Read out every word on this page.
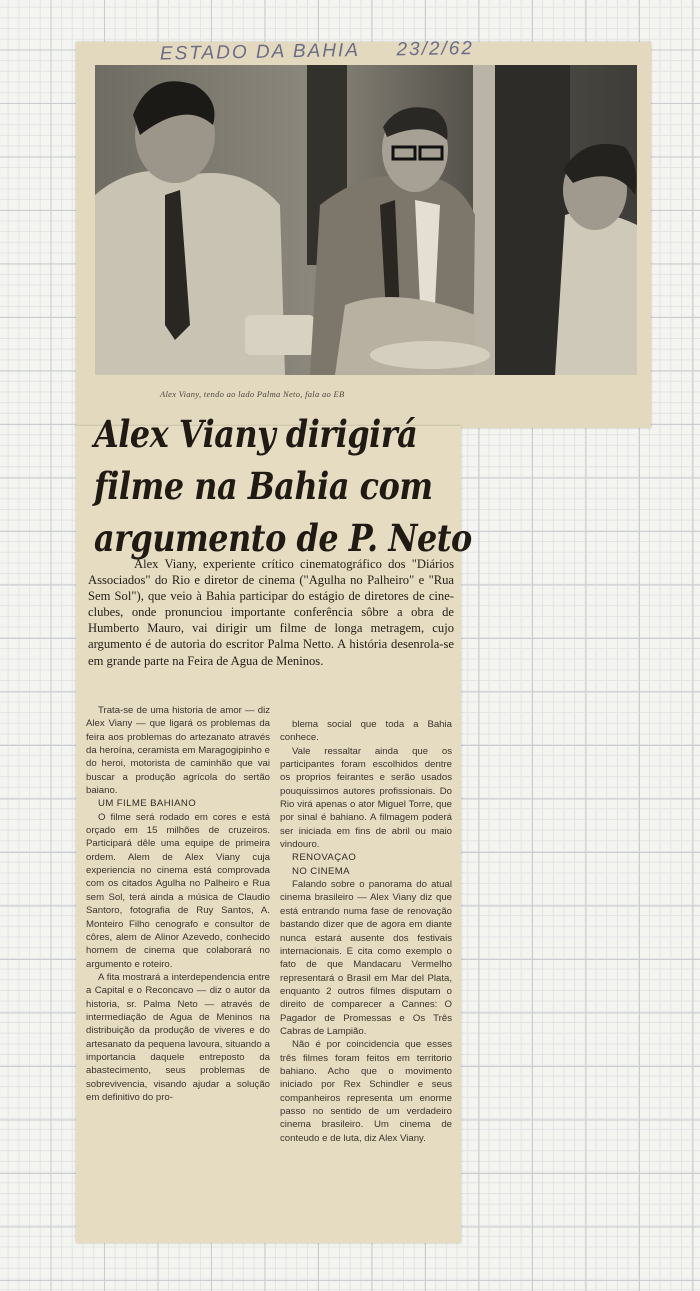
ESTADO DA BAHIA 23/2/62
Alex Viany, tendo ao lado Palma Neto, fala ao EB
Alex Viany dirigirá
filme na Bahia com
argumento de P. Neto

Alex Viany, experiente crítico cinematográfico dos "Diários Associados" do Rio e diretor de cinema ("Agulha no Palheiro" e "Rua Sem Sol"), que veio à Bahia participar do estágio de diretores de cine-clubes, onde pronunciou importante conferência sôbre a obra de Humberto Mauro, vai dirigir um filme de longa metragem, cujo argumento é de autoria do escritor Palma Netto. A história desenrola-se em grande parte na Feira de Agua de Meninos.

Trata-se de uma historia de amor — diz Alex Viany — que ligará os problemas da feira aos problemas do artezanato através da heroína, ceramista em Maragogipinho e do heroi, motorista de caminhão que vai buscar a produção agrícola do sertão baiano.

UM FILME BAHIANO

O filme será rodado em cores e está orçado em 15 milhões de cruzeiros. Participará dêle uma equipe de primeira ordem. Alem de Alex Viany cuja experiencia no cinema está comprovada com os citados Agulha no Palheiro e Rua sem Sol, terá ainda a música de Claudio Santoro, fotografia de Ruy Santos, A. Monteiro Filho cenografo e consultor de côres, alem de Alinor Azevedo, conhecido homem de cinema que colaborará no argumento e roteiro.

A fita mostrará a interdependencia entre a Capital e o Reconcavo — diz o autor da historia, sr. Palma Neto — através de intermediação de Agua de Meninos na distribuição da produção de viveres e do artesanato da pequena lavoura, situando a importancia daquele entreposto da abastecimento, seus problemas de sobrevivencia, visando ajudar a solução em definitivo do pro-

blema social que toda a Bahia conhece.

Vale ressaltar ainda que os participantes foram escolhidos dentre os proprios feirantes e serão usados pouquissimos autores profissionais. Do Rio virá apenas o ator Miguel Torre, que por sinal é bahiano. A filmagem poderá ser iniciada em fins de abril ou maio vindouro.

RENOVAÇAO

NO CINEMA

Falando sobre o panorama do atual cinema brasileiro — Alex Viany diz que está entrando numa fase de renovação bastando dizer que de agora em diante nunca estará ausente dos festivais internacionais. E cita como exemplo o fato de que Mandacaru Vermelho representará o Brasil em Mar del Plata, enquanto 2 outros filmes disputam o direito de comparecer a Cannes: O Pagador de Promessas e Os Três Cabras de Lampião.

Não é por coincidencia que esses três filmes foram feitos em territorio bahiano. Acho que o movimento iniciado por Rex Schindler e seus companheiros representa um enorme passo no sentido de um verdadeiro cinema brasileiro. Um cinema de conteudo e de luta, diz Alex Viany.
